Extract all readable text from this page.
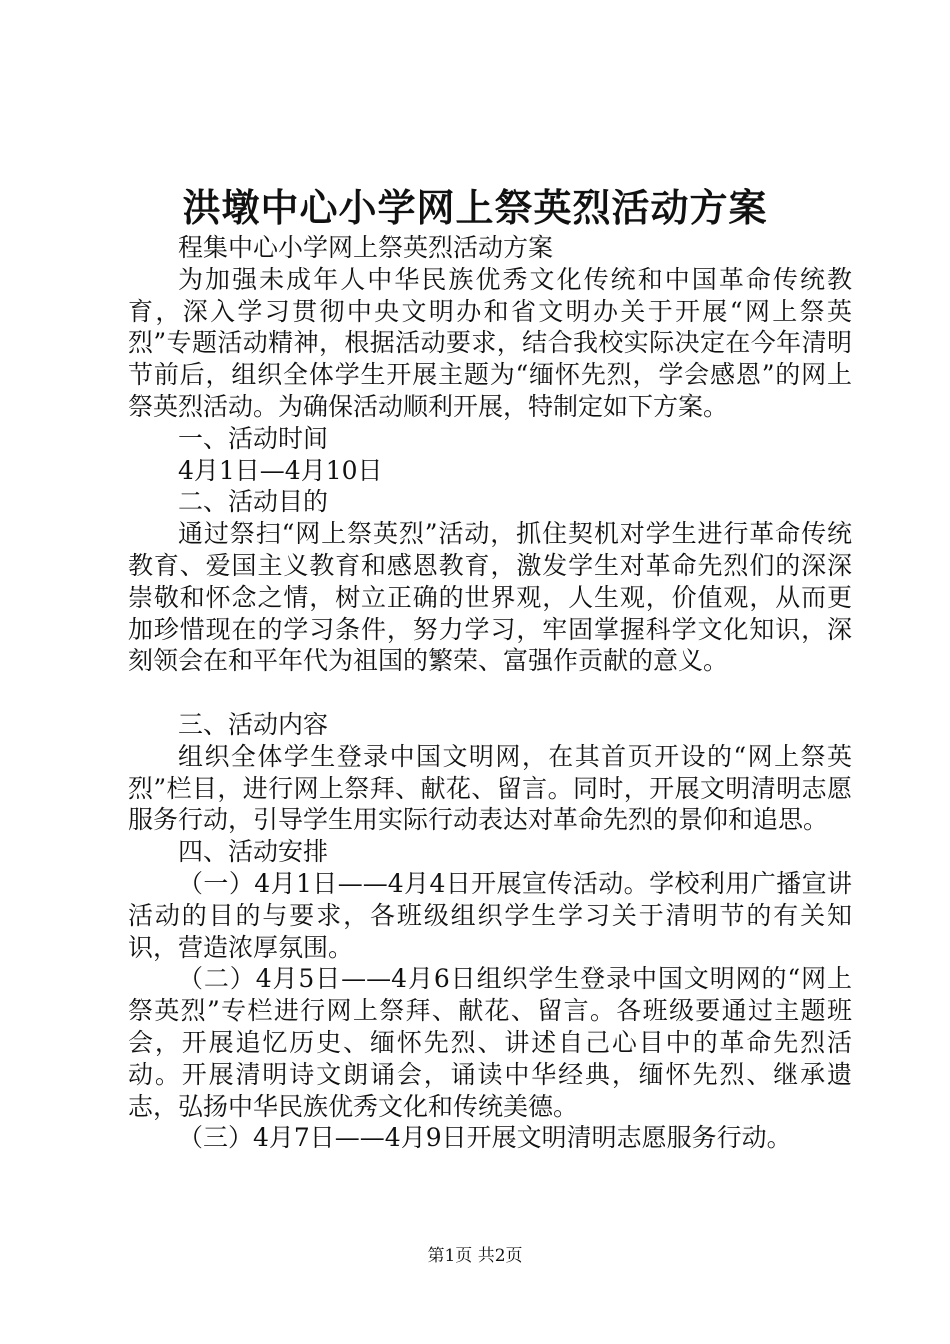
洪墩中心小学网上祭英烈活动方案

程集中心小学网上祭英烈活动方案

为加强未成年人中华民族优秀文化传统和中国革命传统教育，深入学习贯彻中央文明办和省文明办关于开展“网上祭英烈”专题活动精神，根据活动要求，结合我校实际决定在今年清明节前后，组织全体学生开展主题为“缅怀先烈，学会感恩”的网上祭英烈活动。为确保活动顺利开展，特制定如下方案。

一、活动时间

4月1日—4月10日

二、活动目的

通过祭扫“网上祭英烈”活动，抓住契机对学生进行革命传统教育、爱国主义教育和感恩教育，激发学生对革命先烈们的深深崇敬和怀念之情，树立正确的世界观，人生观，价值观，从而更加珍惜现在的学习条件，努力学习，牢固掌握科学文化知识，深刻领会在和平年代为祖国的繁荣、富强作贡献的意义。

三、活动内容

组织全体学生登录中国文明网，在其首页开设的“网上祭英烈”栏目，进行网上祭拜、献花、留言。同时，开展文明清明志愿服务行动，引导学生用实际行动表达对革命先烈的景仰和追思。

四、活动安排

（一）4月1日——4月4日开展宣传活动。学校利用广播宣讲活动的目的与要求，各班级组织学生学习关于清明节的有关知识，营造浓厚氛围。

（二）4月5日——4月6日组织学生登录中国文明网的“网上祭英烈”专栏进行网上祭拜、献花、留言。各班级要通过主题班会，开展追忆历史、缅怀先烈、讲述自己心目中的革命先烈活动。开展清明诗文朗诵会，诵读中华经典，缅怀先烈、继承遗志，弘扬中华民族优秀文化和传统美德。

（三）4月7日——4月9日开展文明清明志愿服务行动。

第1页 共2页
